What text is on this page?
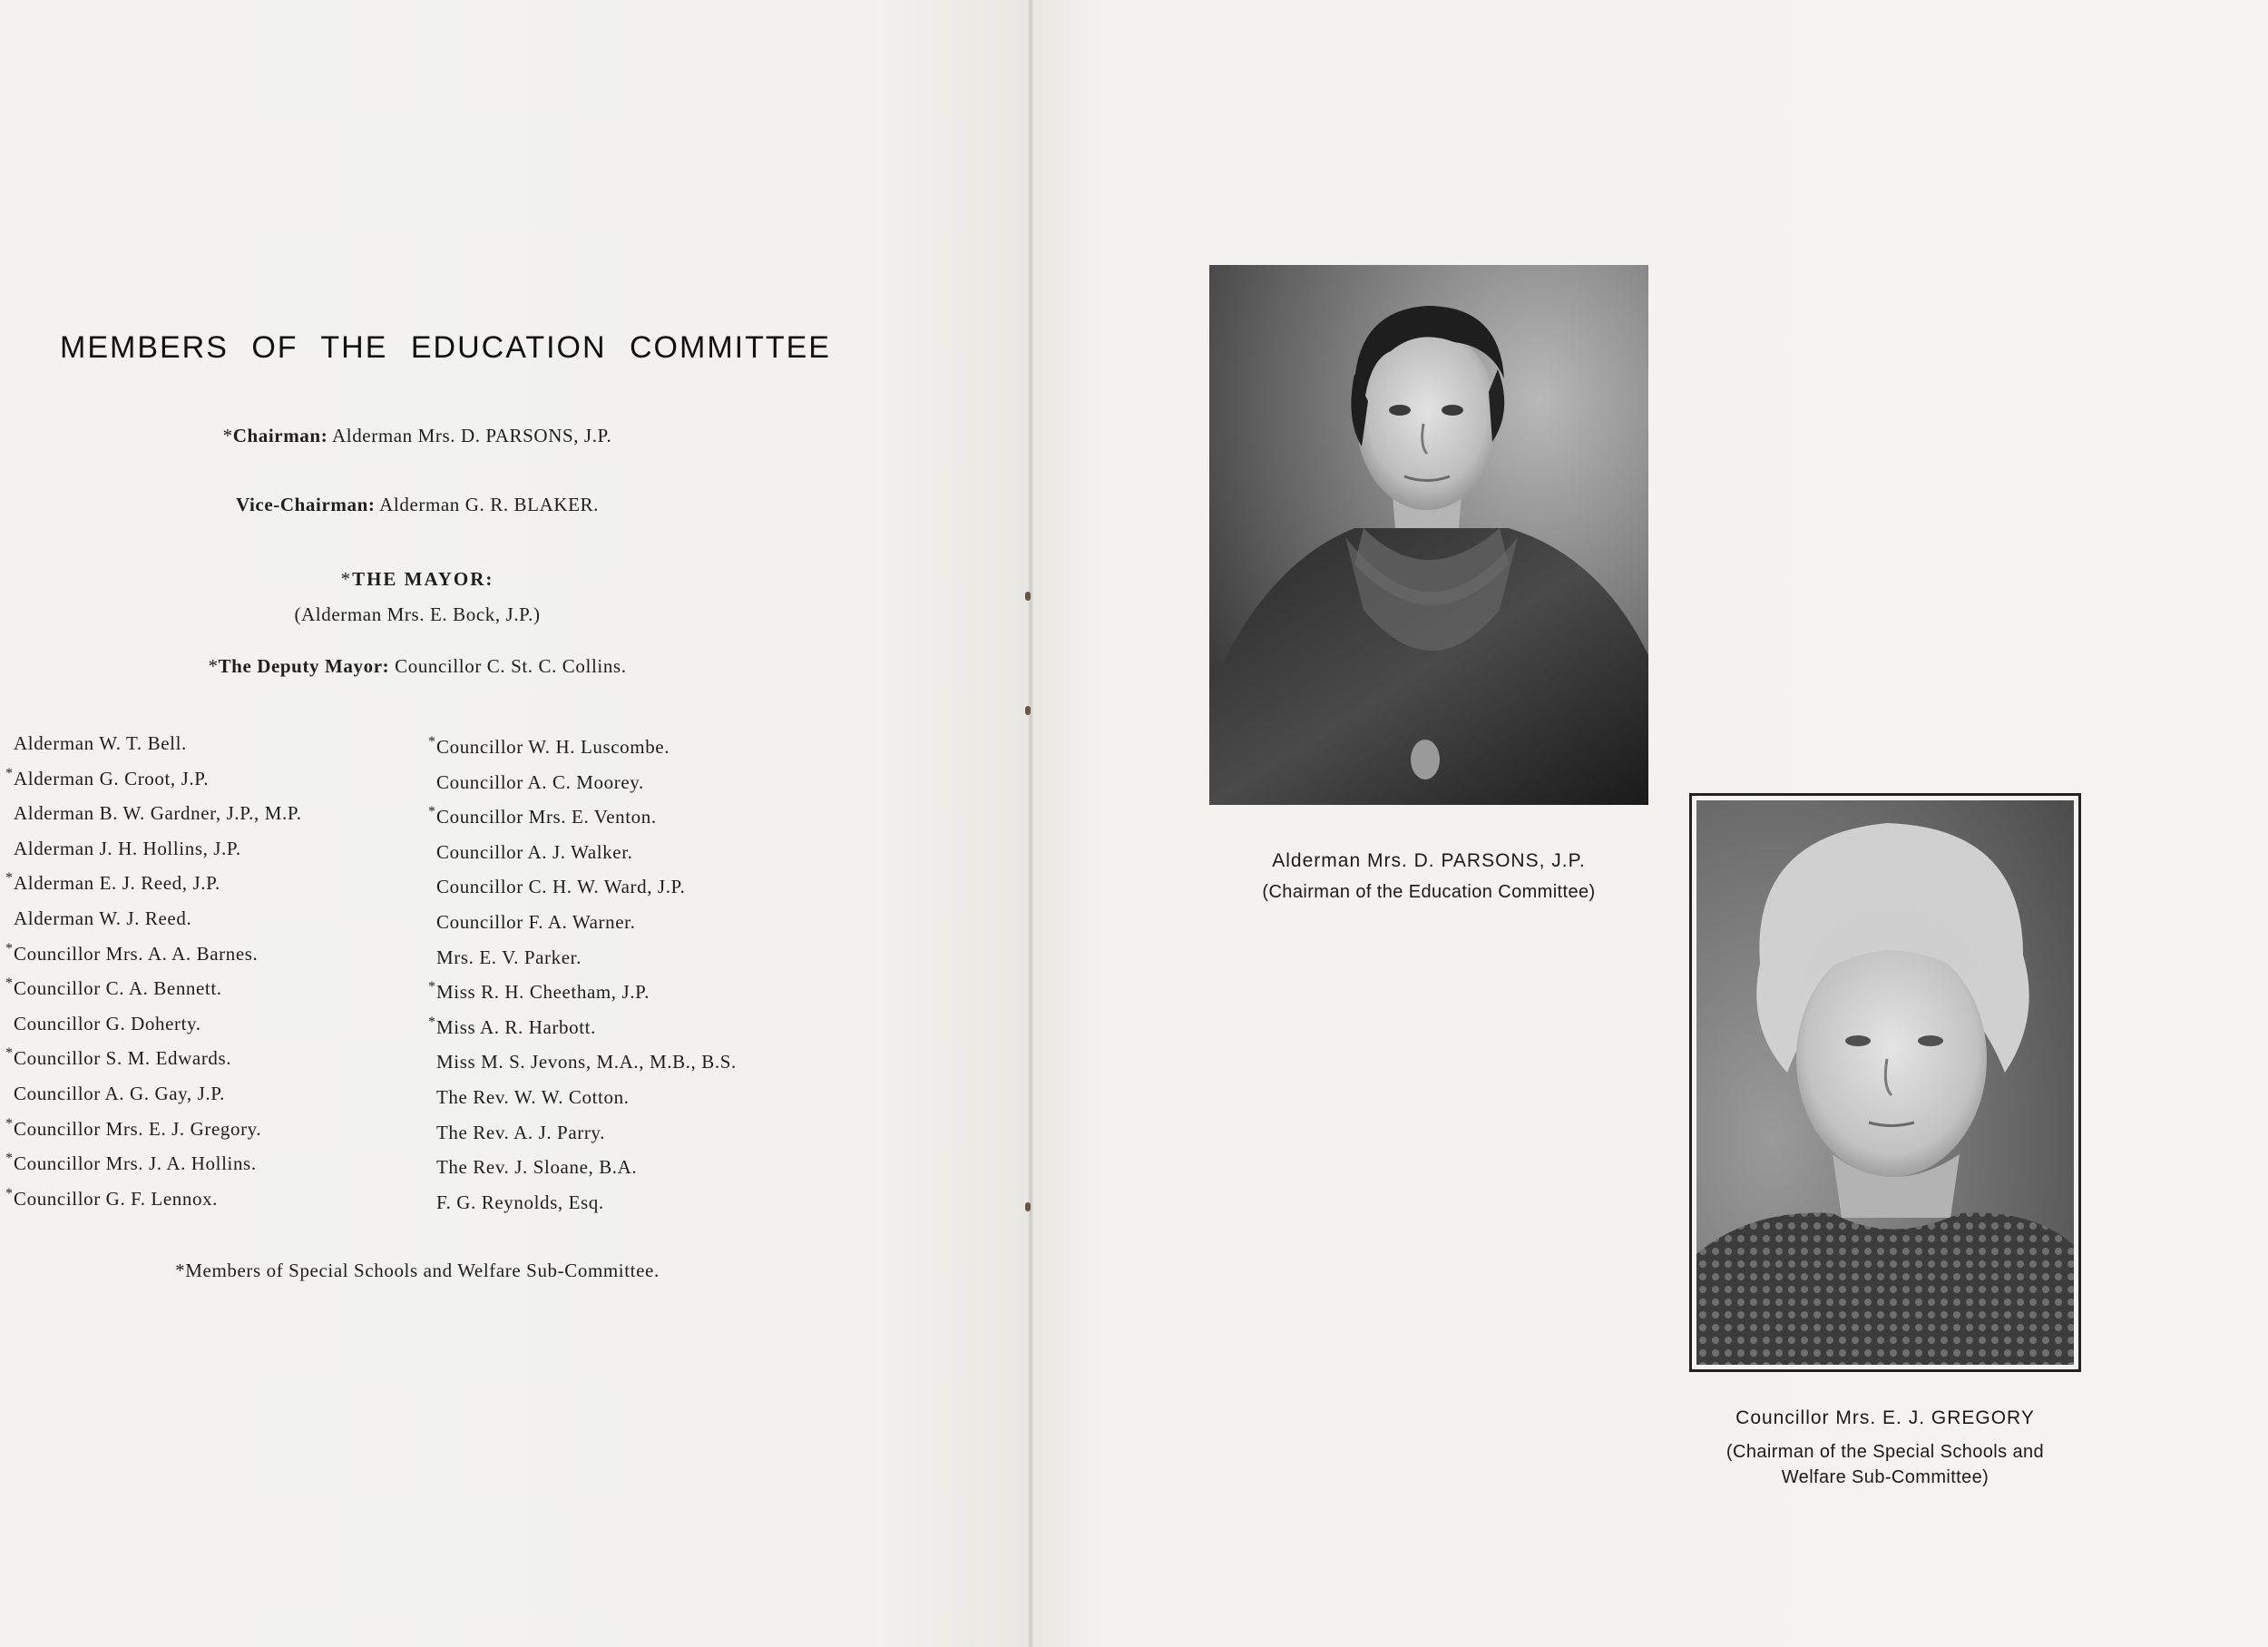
MEMBERS OF THE EDUCATION COMMITTEE
*Chairman: Alderman Mrs. D. PARSONS, J.P.
Vice-Chairman: Alderman G. R. BLAKER.
*THE MAYOR:
(Alderman Mrs. E. Bock, J.P.)
*The Deputy Mayor: Councillor C. St. C. Collins.
Alderman W. T. Bell.
*Alderman G. Croot, J.P.
Alderman B. W. Gardner, J.P., M.P.
Alderman J. H. Hollins, J.P.
*Alderman E. J. Reed, J.P.
Alderman W. J. Reed.
*Councillor Mrs. A. A. Barnes.
*Councillor C. A. Bennett.
Councillor G. Doherty.
*Councillor S. M. Edwards.
Councillor A. G. Gay, J.P.
*Councillor Mrs. E. J. Gregory.
*Councillor Mrs. J. A. Hollins.
*Councillor G. F. Lennox.
*Councillor W. H. Luscombe.
Councillor A. C. Moorey.
*Councillor Mrs. E. Venton.
Councillor A. J. Walker.
Councillor C. H. W. Ward, J.P.
Councillor F. A. Warner.
Mrs. E. V. Parker.
*Miss R. H. Cheetham, J.P.
*Miss A. R. Harbott.
Miss M. S. Jevons, M.A., M.B., B.S.
The Rev. W. W. Cotton.
The Rev. A. J. Parry.
The Rev. J. Sloane, B.A.
F. G. Reynolds, Esq.
*Members of Special Schools and Welfare Sub-Committee.
Alderman Mrs. D. PARSONS, J.P.
(Chairman of the Education Committee)
Councillor Mrs. E. J. GREGORY
(Chairman of the Special Schools and
Welfare Sub-Committee)
